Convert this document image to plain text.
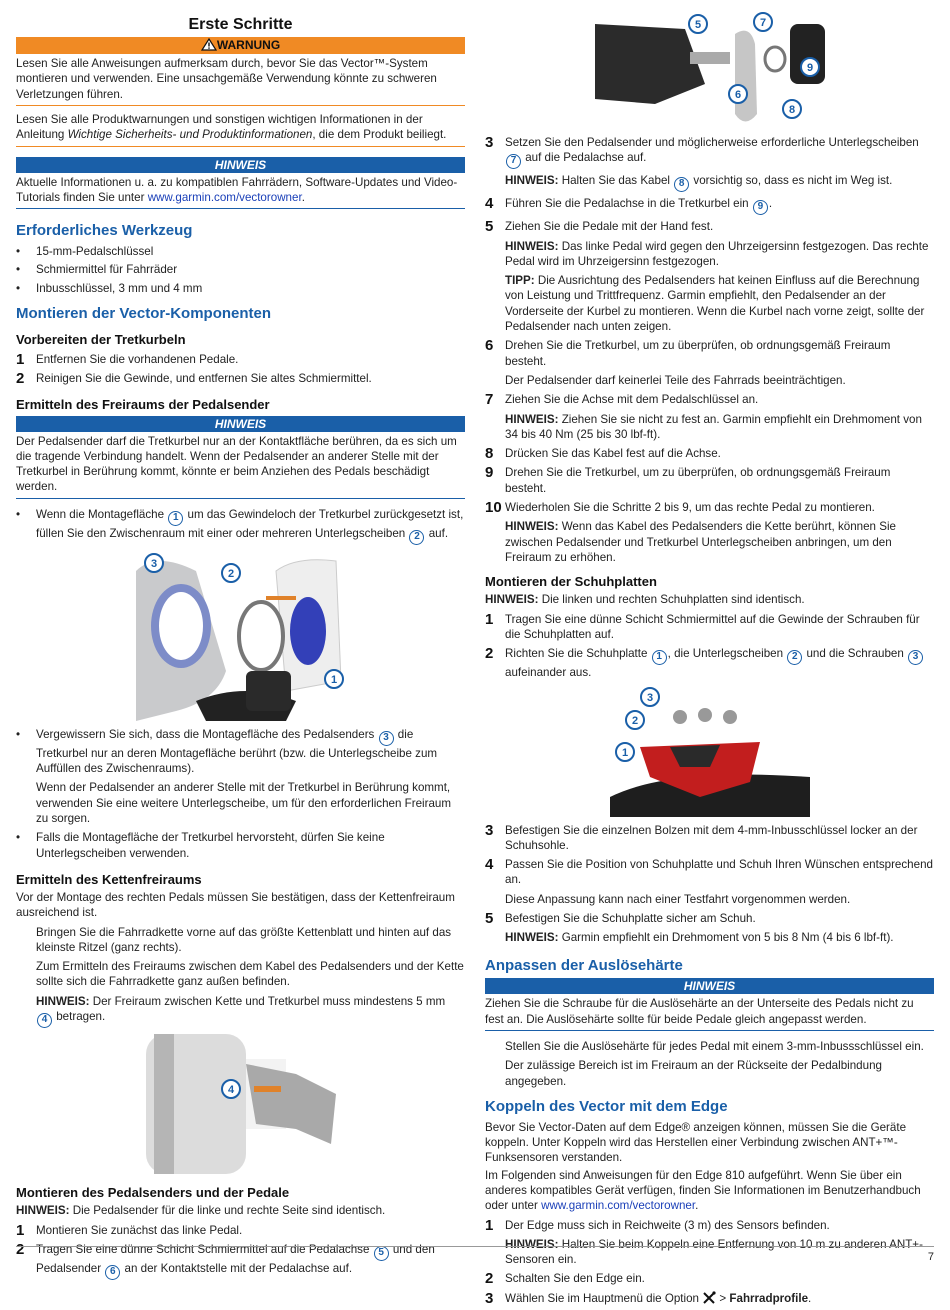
Erste Schritte
WARNUNG
Lesen Sie alle Anweisungen aufmerksam durch, bevor Sie das Vector™-System montieren und verwenden. Eine unsachgemäße Verwendung könnte zu schweren Verletzungen führen.
Lesen Sie alle Produktwarnungen und sonstigen wichtigen Informationen in der Anleitung Wichtige Sicherheits- und Produktinformationen, die dem Produkt beiliegt.
HINWEIS
Aktuelle Informationen u. a. zu kompatiblen Fahrrädern, Software-Updates und Video-Tutorials finden Sie unter www.garmin.com/vectorowner.
Erforderliches Werkzeug
• 15-mm-Pedalschlüssel
• Schmiermittel für Fahrräder
• Inbusschlüssel, 3 mm und 4 mm
Montieren der Vector-Komponenten
Vorbereiten der Tretkurbeln
1 Entfernen Sie die vorhandenen Pedale.
2 Reinigen Sie die Gewinde, und entfernen Sie altes Schmiermittel.
Ermitteln des Freiraums der Pedalsender
HINWEIS
Der Pedalsender darf die Tretkurbel nur an der Kontaktfläche berühren, da es sich um die tragende Verbindung handelt. Wenn der Pedalsender an anderer Stelle mit der Tretkurbel in Berührung kommt, könnte er beim Anziehen des Pedals beschädigt werden.
• Wenn die Montagefläche 1 um das Gewindeloch der Tretkurbel zurückgesetzt ist, füllen Sie den Zwischenraum mit einer oder mehreren Unterlegscheiben 2 auf.
3
2
1
• Vergewissern Sie sich, dass die Montagefläche des Pedalsenders 3 die Tretkurbel nur an deren Montagefläche berührt (bzw. die Unterlegscheibe zum Auffüllen des Zwischenraums).
Wenn der Pedalsender an anderer Stelle mit der Tretkurbel in Berührung kommt, verwenden Sie eine weitere Unterlegscheibe, um für den erforderlichen Freiraum zu sorgen.
• Falls die Montagefläche der Tretkurbel hervorsteht, dürfen Sie keine Unterlegscheiben verwenden.
Ermitteln des Kettenfreiraums

Vor der Montage des rechten Pedals müssen Sie bestätigen, dass der Kettenfreiraum ausreichend ist.

Bringen Sie die Fahrradkette vorne auf das größte Kettenblatt und hinten auf das kleinste Ritzel (ganz rechts).
Zum Ermitteln des Freiraums zwischen dem Kabel des Pedalsenders und der Kette sollte sich die Fahrradkette ganz außen befinden.
HINWEIS: Der Freiraum zwischen Kette und Tretkurbel muss mindestens 5 mm 4 betragen.
4
Montieren des Pedalsenders und der Pedale

HINWEIS: Die Pedalsender für die linke und rechte Seite sind identisch.

1 Montieren Sie zunächst das linke Pedal.
2 Tragen Sie eine dünne Schicht Schmiermittel auf die Pedalachse 5 und den Pedalsender 6 an der Kontaktstelle mit der Pedalachse auf.
5	7
6
9
8
3 Setzen Sie den Pedalsender und möglicherweise erforderliche Unterlegscheiben 7 auf die Pedalachse auf.
HINWEIS: Halten Sie das Kabel 8 vorsichtig so, dass es nicht im Weg ist.
4 Führen Sie die Pedalachse in die Tretkurbel ein 9 .
5 Ziehen Sie die Pedale mit der Hand fest.
HINWEIS: Das linke Pedal wird gegen den Uhrzeigersinn festgezogen. Das rechte Pedal wird im Uhrzeigersinn festgezogen.
TIPP: Die Ausrichtung des Pedalsenders hat keinen Einfluss auf die Berechnung von Leistung und Trittfrequenz. Garmin empfiehlt, den Pedalsender an der Vorderseite der Kurbel zu montieren. Wenn die Kurbel nach vorne zeigt, sollte der Pedalsender nach unten zeigen.
6 Drehen Sie die Tretkurbel, um zu überprüfen, ob ordnungsgemäß Freiraum besteht.
Der Pedalsender darf keinerlei Teile des Fahrrads beeinträchtigen.
7 Ziehen Sie die Achse mit dem Pedalschlüssel an.
HINWEIS: Ziehen Sie sie nicht zu fest an. Garmin empfiehlt ein Drehmoment von 34 bis 40 Nm (25 bis 30 lbf-ft).
8 Drücken Sie das Kabel fest auf die Achse.
9 Drehen Sie die Tretkurbel, um zu überprüfen, ob ordnungsgemäß Freiraum besteht.
10 Wiederholen Sie die Schritte 2 bis 9, um das rechte Pedal zu montieren.
HINWEIS: Wenn das Kabel des Pedalsenders die Kette berührt, können Sie zwischen Pedalsender und Tretkurbel Unterlegscheiben anbringen, um den Freiraum zu erhöhen.
Montieren der Schuhplatten

HINWEIS: Die linken und rechten Schuhplatten sind identisch.

1 Tragen Sie eine dünne Schicht Schmiermittel auf die Gewinde der Schrauben für die Schuhplatten auf.
2 Richten Sie die Schuhplatte 1 , die Unterlegscheiben 2 und die Schrauben 3 aufeinander aus.
3
2
1
3 Befestigen Sie die einzelnen Bolzen mit dem 4-mm-Inbusschlüssel locker an der Schuhsohle.
4 Passen Sie die Position von Schuhplatte und Schuh Ihren Wünschen entsprechend an.
Diese Anpassung kann nach einer Testfahrt vorgenommen werden.
5 Befestigen Sie die Schuhplatte sicher am Schuh.
HINWEIS: Garmin empfiehlt ein Drehmoment von 5 bis 8 Nm (4 bis 6 lbf-ft).
Anpassen der Auslösehärte
HINWEIS
Ziehen Sie die Schraube für die Auslösehärte an der Unterseite des Pedals nicht zu fest an. Die Auslösehärte sollte für beide Pedale gleich angepasst werden.
Stellen Sie die Auslösehärte für jedes Pedal mit einem 3-mm-Inbussschlüssel ein.
Der zulässige Bereich ist im Freiraum an der Rückseite der Pedalbindung angegeben.
Koppeln des Vector mit dem Edge

Bevor Sie Vector-Daten auf dem Edge® anzeigen können, müssen Sie die Geräte koppeln. Unter Koppeln wird das Herstellen einer Verbindung zwischen ANT+™-Funksensoren verstanden.

Im Folgenden sind Anweisungen für den Edge 810 aufgeführt. Wenn Sie über ein anderes kompatibles Gerät verfügen, finden Sie Informationen im Benutzerhandbuch oder unter www.garmin.com/vectorowner.

1 Der Edge muss sich in Reichweite (3 m) des Sensors befinden.
HINWEIS: Halten Sie beim Koppeln eine Entfernung von 10 m zu anderen ANT+-Sensoren ein.
2 Schalten Sie den Edge ein.
3 Wählen Sie im Hauptmenü die Option  > Fahrradprofile.
7
